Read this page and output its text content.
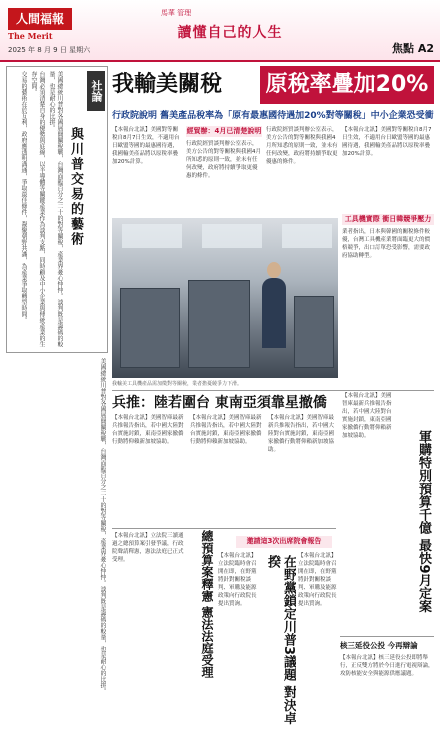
人間福報
The Merit
2025 年 8 月 9 日 星期六
馬華 管理
讀懂自己的人生
焦點 A2
社論
與川普交易的藝術
美國總統川普對各國展開關稅戰，台灣面臨百分之二十的對等關稅，產業界憂心忡忡。談判既是籌碼的較量，也是耐心的比拼。
台灣必須清楚自身的優勢與底線，以半導體等關鍵產業作為談判支點，同時顧及中小企業與傳統產業的生存空間。
交易的藝術在於互利，政府應透明溝通，爭取最佳條件，凝聚朝野共識，為產業爭取轉型時間。
美國總統川普對各國展開關稅戰，台灣面臨百分之二十的對等關稅，產業界憂心忡忡。談判既是籌碼的較量，也是耐心的比拼。
我輸美關稅	原稅率疊加20%
行政院說明 舊美產品稅率為「原有最惠國待遇加20%對等關稅」中小企業恐受衝
【本報台北訊】美國對等關稅自8月7日生效，不適用台日歐盟等國的最惠國待遇，我國輸美產品將以原稅率疊加20%計算。
經貿辦：4月已清楚說明
行政院經貿談判辦公室表示，美方公告的對等關稅與我國4月所知悉的原則一致，並未有任何改變，政府將持續爭取更優惠的條件。
行政院經貿談判辦公室表示，美方公告的對等關稅與我國4月所知悉的原則一致，並未有任何改變，政府將持續爭取更優惠的條件。
【本報台北訊】美國對等關稅自8月7日生效，不適用台日歐盟等國的最惠國待遇，我國輸美產品將以原稅率疊加20%計算。
工具機實際 衝日韓競爭壓力
業者指出，日本與韓國的關稅條件較優，台灣工具機產業將面臨更大的價格競爭，出口訂單恐受影響，需要政府協助轉型。
我輸美工具機產品需加徵對等關稅，業者擔憂競爭力下滑。
兵推：陸若圍台 東南亞須靠星撤僑
【本報台北訊】美國智庫最新兵推報告指出，若中國大陸對台實施封鎖，東南亞國家撤僑行動將仰賴新加坡協助。
【本報台北訊】美國智庫最新兵推報告指出，若中國大陸對台實施封鎖，東南亞國家撤僑行動將仰賴新加坡協助。
【本報台北訊】美國智庫最新兵推報告指出，若中國大陸對台實施封鎖，東南亞國家撤僑行動將仰賴新加坡協助。
【本報台北訊】美國智庫最新兵推報告指出，若中國大陸對台實施封鎖，東南亞國家撤僑行動將仰賴新加坡協助。	軍購特別預算千億 最快9月定案
【本報台北訊】立法院三讀通過之總預算案引發爭議，行政院聲請釋憲，憲法法庭已正式受理。	總預算案釋憲 憲法法庭受理	邀請這3次出席院會報告
【本報台北訊】立法院臨時會召開在即，在野黨將針對關稅談判、軍購及能源政策向行政院長提出質詢。	在野黨鎖定川普3議題 對決卓揆	【本報台北訊】立法院臨時會召開在即，在野黨將針對關稅談判、軍購及能源政策向行政院長提出質詢。
核三延役公投 今再辯論
【本報台北訊】核三延役公投即將舉行，正反雙方將於今日進行電視辯論，攻防核能安全與能源供應議題。
